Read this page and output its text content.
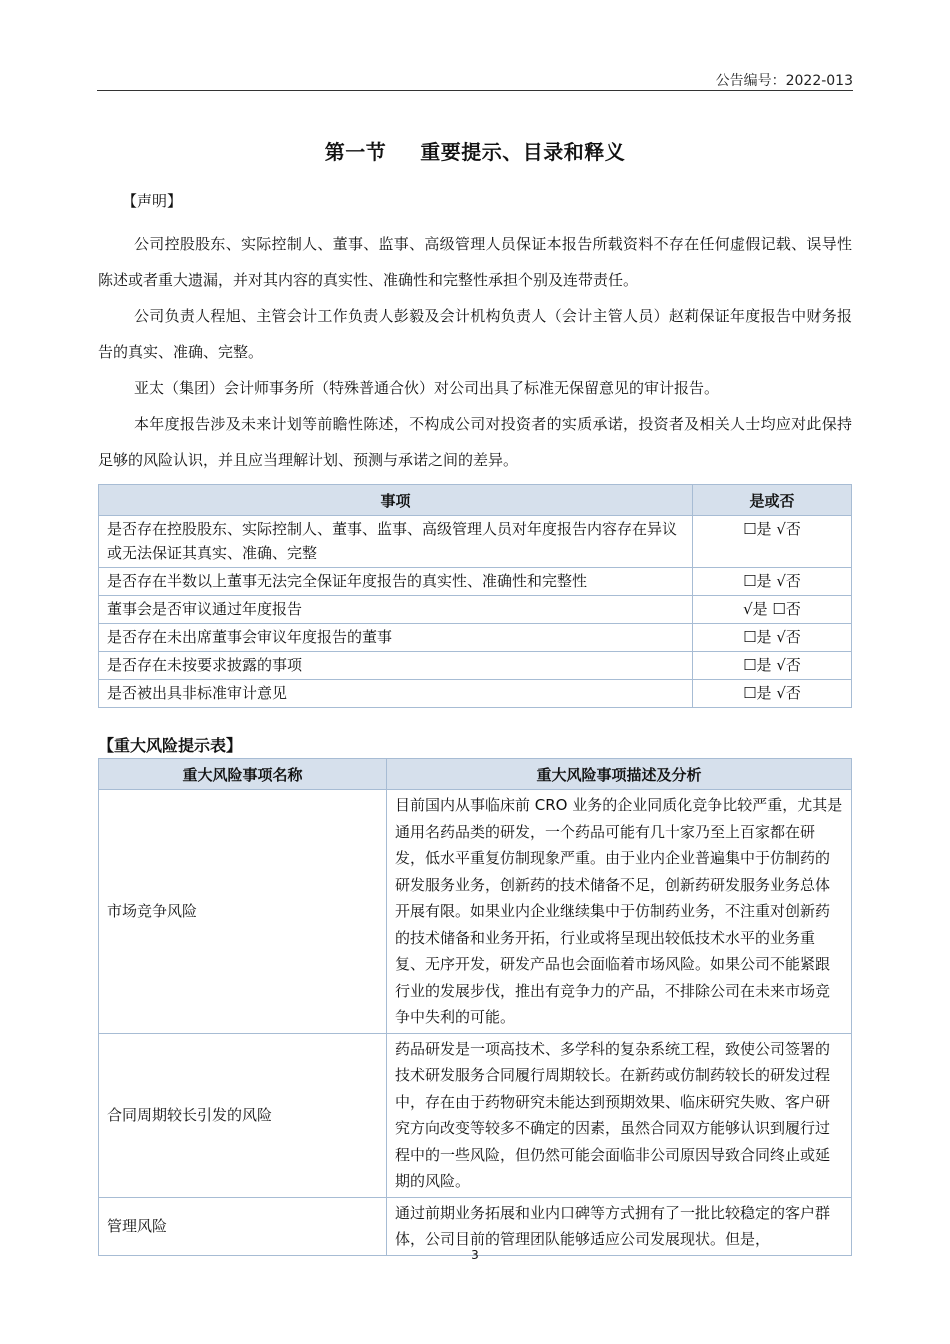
公告编号：2022-013
第一节 重要提示、目录和释义
【声明】

公司控股股东、实际控制人、董事、监事、高级管理人员保证本报告所载资料不存在任何虚假记载、误导性陈述或者重大遗漏，并对其内容的真实性、准确性和完整性承担个别及连带责任。

公司负责人程旭、主管会计工作负责人彭毅及会计机构负责人（会计主管人员）赵莉保证年度报告中财务报告的真实、准确、完整。

亚太（集团）会计师事务所（特殊普通合伙）对公司出具了标准无保留意见的审计报告。

本年度报告涉及未来计划等前瞻性陈述，不构成公司对投资者的实质承诺，投资者及相关人士均应对此保持足够的风险认识，并且应当理解计划、预测与承诺之间的差异。

事项	是或否
是否存在控股股东、实际控制人、董事、监事、高级管理人员对年度报告内容存在异议或无法保证其真实、准确、完整	☐是 √否
是否存在半数以上董事无法完全保证年度报告的真实性、准确性和完整性	☐是 √否
董事会是否审议通过年度报告	√是 ☐否
是否存在未出席董事会审议年度报告的董事	☐是 √否
是否存在未按要求披露的事项	☐是 √否
是否被出具非标准审计意见	☐是 √否
【重大风险提示表】
重大风险事项名称	重大风险事项描述及分析
市场竞争风险	目前国内从事临床前 CRO 业务的企业同质化竞争比较严重，尤其是通用名药品类的研发，一个药品可能有几十家乃至上百家都在研发，低水平重复仿制现象严重。由于业内企业普遍集中于仿制药的研发服务业务，创新药的技术储备不足，创新药研发服务业务总体开展有限。如果业内企业继续集中于仿制药业务，不注重对创新药的技术储备和业务开拓，行业或将呈现出较低技术水平的业务重复、无序开发，研发产品也会面临着市场风险。如果公司不能紧跟行业的发展步伐，推出有竞争力的产品，不排除公司在未来市场竞争中失利的可能。
合同周期较长引发的风险	药品研发是一项高技术、多学科的复杂系统工程，致使公司签署的技术研发服务合同履行周期较长。在新药或仿制药较长的研发过程中，存在由于药物研究未能达到预期效果、临床研究失败、客户研究方向改变等较多不确定的因素，虽然合同双方能够认识到履行过程中的一些风险，但仍然可能会面临非公司原因导致合同终止或延期的风险。
管理风险	通过前期业务拓展和业内口碑等方式拥有了一批比较稳定的客户群体，公司目前的管理团队能够适应公司发展现状。但是，
3
